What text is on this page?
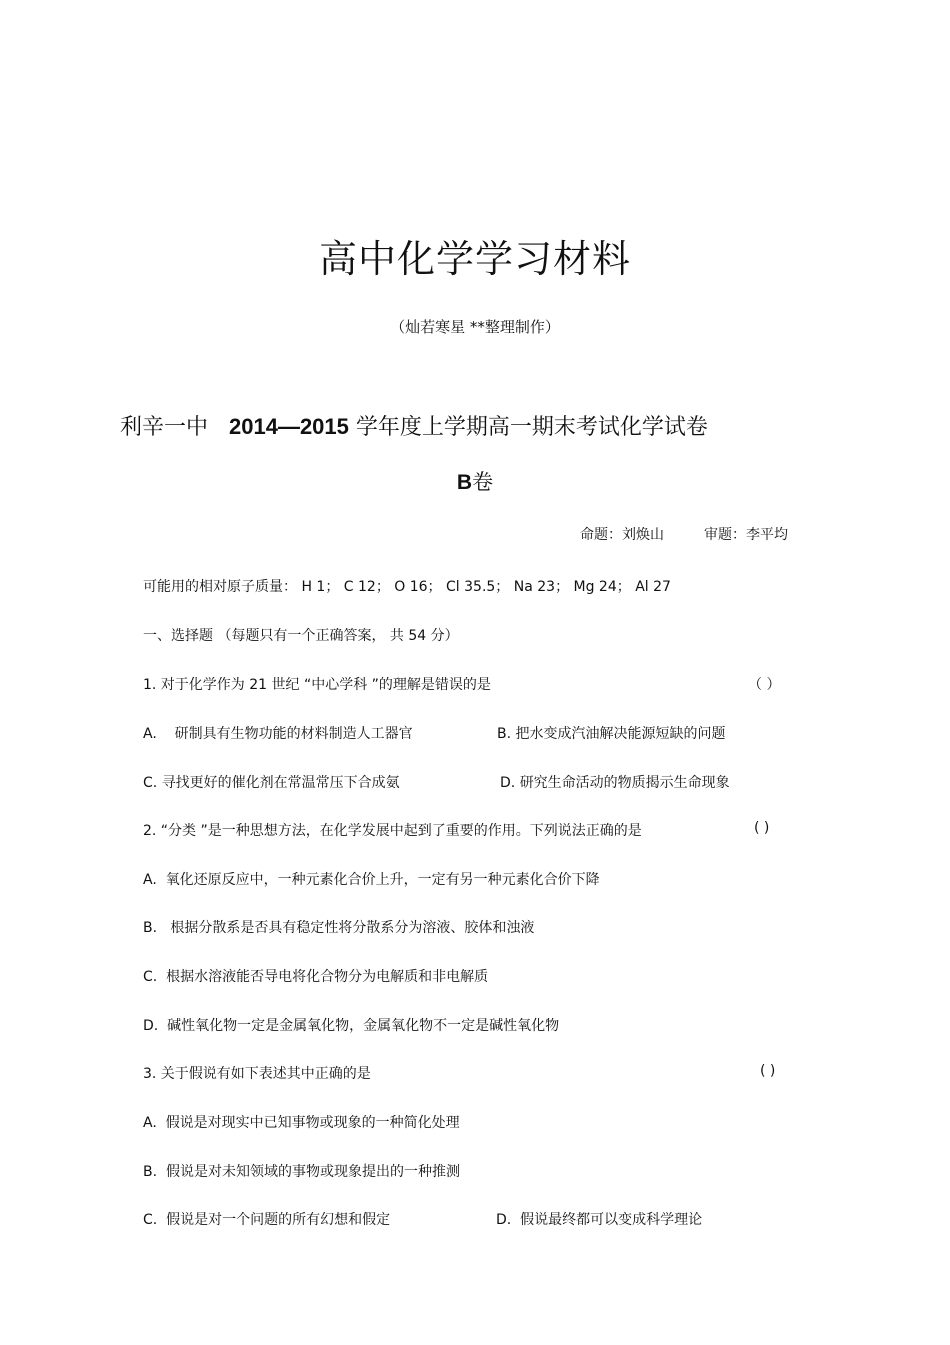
高中化学学习材料
（灿若寒星 **整理制作）
利辛一中 2014—2015 学年度上学期高一期末考试化学试卷
B卷
命题：刘焕山	审题：李平均
可能用的相对原子质量： H 1； C 12； O 16； Cl 35.5； Na 23； Mg 24； Al 27
一、选择题 （每题只有一个正确答案， 共 54 分）
1. 对于化学作为 21 世纪 “中心学科 ”的理解是错误的是	（ ）
A. 研制具有生物功能的材料制造人工器官	B. 把水变成汽油解决能源短缺的问题
C. 寻找更好的催化剂在常温常压下合成氨	D. 研究生命活动的物质揭示生命现象
2. “分类 ”是一种思想方法，在化学发展中起到了重要的作用。下列说法正确的是	( )
A. 氧化还原反应中，一种元素化合价上升，一定有另一种元素化合价下降
B. 根据分散系是否具有稳定性将分散系分为溶液、胶体和浊液
C. 根据水溶液能否导电将化合物分为电解质和非电解质
D. 碱性氧化物一定是金属氧化物，金属氧化物不一定是碱性氧化物
3. 关于假说有如下表述其中正确的是	( )
A. 假说是对现实中已知事物或现象的一种简化处理
B. 假说是对未知领域的事物或现象提出的一种推测
C. 假说是对一个问题的所有幻想和假定	D. 假说最终都可以变成科学理论
